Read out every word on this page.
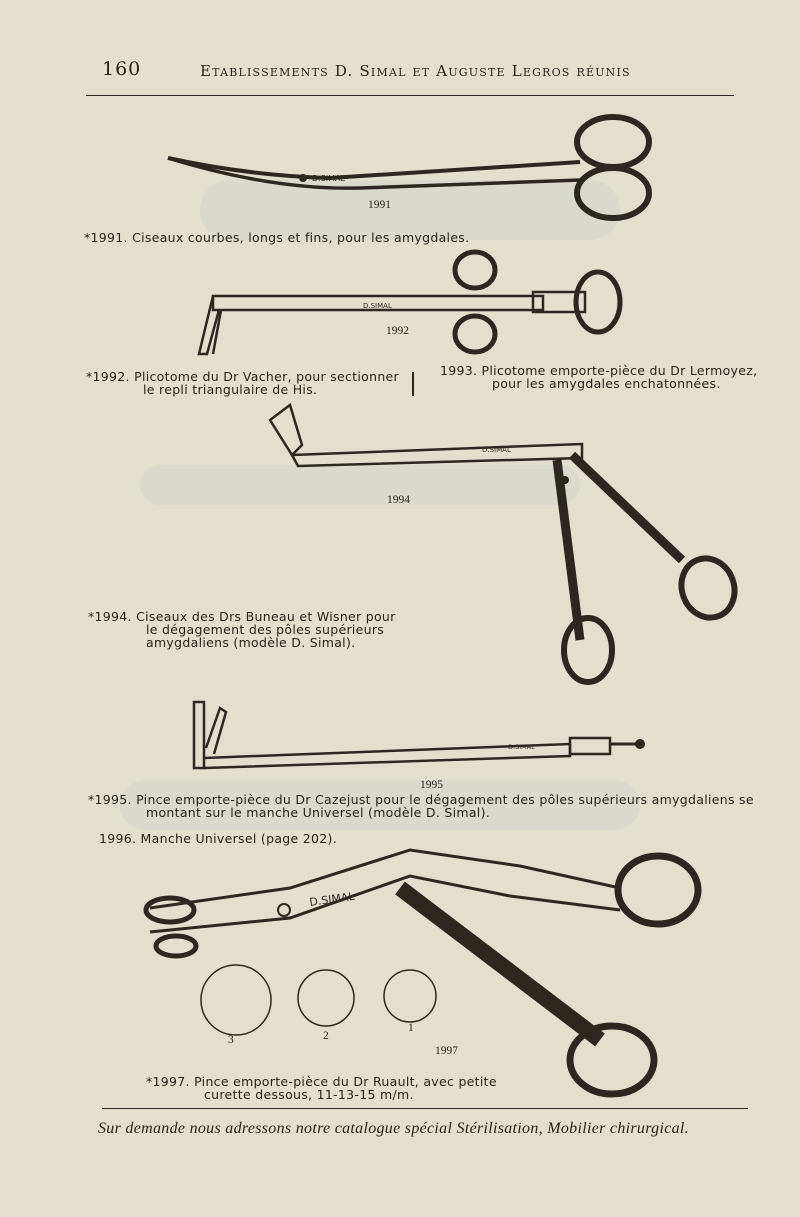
160	Etablissements D. Simal et Auguste Legros réunis

D.SIMAL

1991

*1991. Ciseaux courbes, longs et fins, pour les amygdales.

D.SIMAL

1992

*1992. Plicotome du Dr Vacher, pour sectionner

le repli triangulaire de His.

1993. Plicotome emporte-pièce du Dr Lermoyez,

pour les amygdales enchatonnées.

D.SIMAL

1994

*1994. Ciseaux des Drs Buneau et Wisner pour

le dégagement des pôles supérieurs

amygdaliens (modèle D. Simal).

D.SIMAL

1995

*1995. Pince emporte-pièce du Dr Cazejust pour le dégagement des pôles supérieurs amygdaliens se

montant sur le manche Universel (modèle D. Simal).

1996. Manche Universel (page 202).

D.SIMAL

3	2

1

1997

*1997. Pince emporte-pièce du Dr Ruault, avec petite

curette dessous, 11-13-15 m/m.

Sur demande nous adressons notre catalogue spécial Stérilisation, Mobilier chirurgical.
